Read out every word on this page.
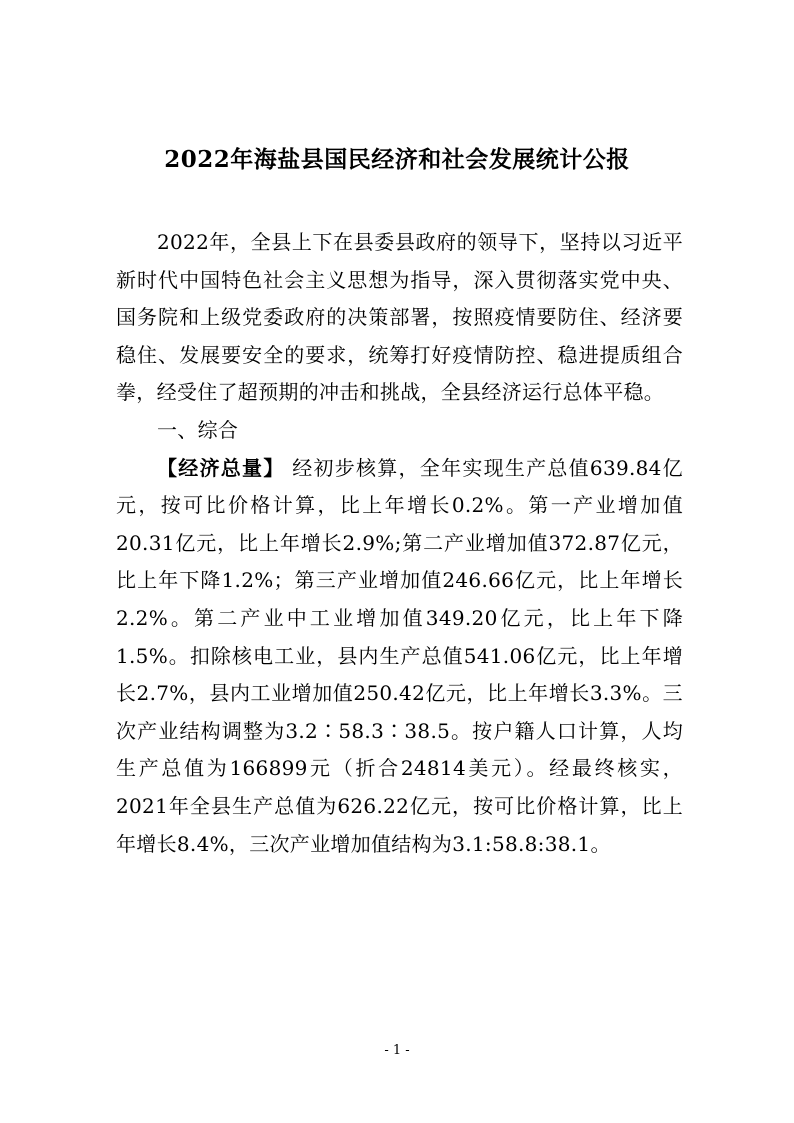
2022年海盐县国民经济和社会发展统计公报

2022年，全县上下在县委县政府的领导下，坚持以习近平新时代中国特色社会主义思想为指导，深入贯彻落实党中央、国务院和上级党委政府的决策部署，按照疫情要防住、经济要稳住、发展要安全的要求，统筹打好疫情防控、稳进提质组合拳，经受住了超预期的冲击和挑战，全县经济运行总体平稳。

一、综合

【经济总量】 经初步核算，全年实现生产总值639.84亿元，按可比价格计算，比上年增长0.2%。第一产业增加值20.31亿元，比上年增长2.9%;第二产业增加值372.87亿元，比上年下降1.2%；第三产业增加值246.66亿元，比上年增长2.2%。第二产业中工业增加值349.20亿元，比上年下降1.5%。扣除核电工业，县内生产总值541.06亿元，比上年增长2.7%，县内工业增加值250.42亿元，比上年增长3.3%。三次产业结构调整为3.2∶58.3∶38.5。按户籍人口计算，人均生产总值为166899元（折合24814美元）。经最终核实，2021年全县生产总值为626.22亿元，按可比价格计算，比上年增长8.4%，三次产业增加值结构为3.1:58.8:38.1。

- 1 -
